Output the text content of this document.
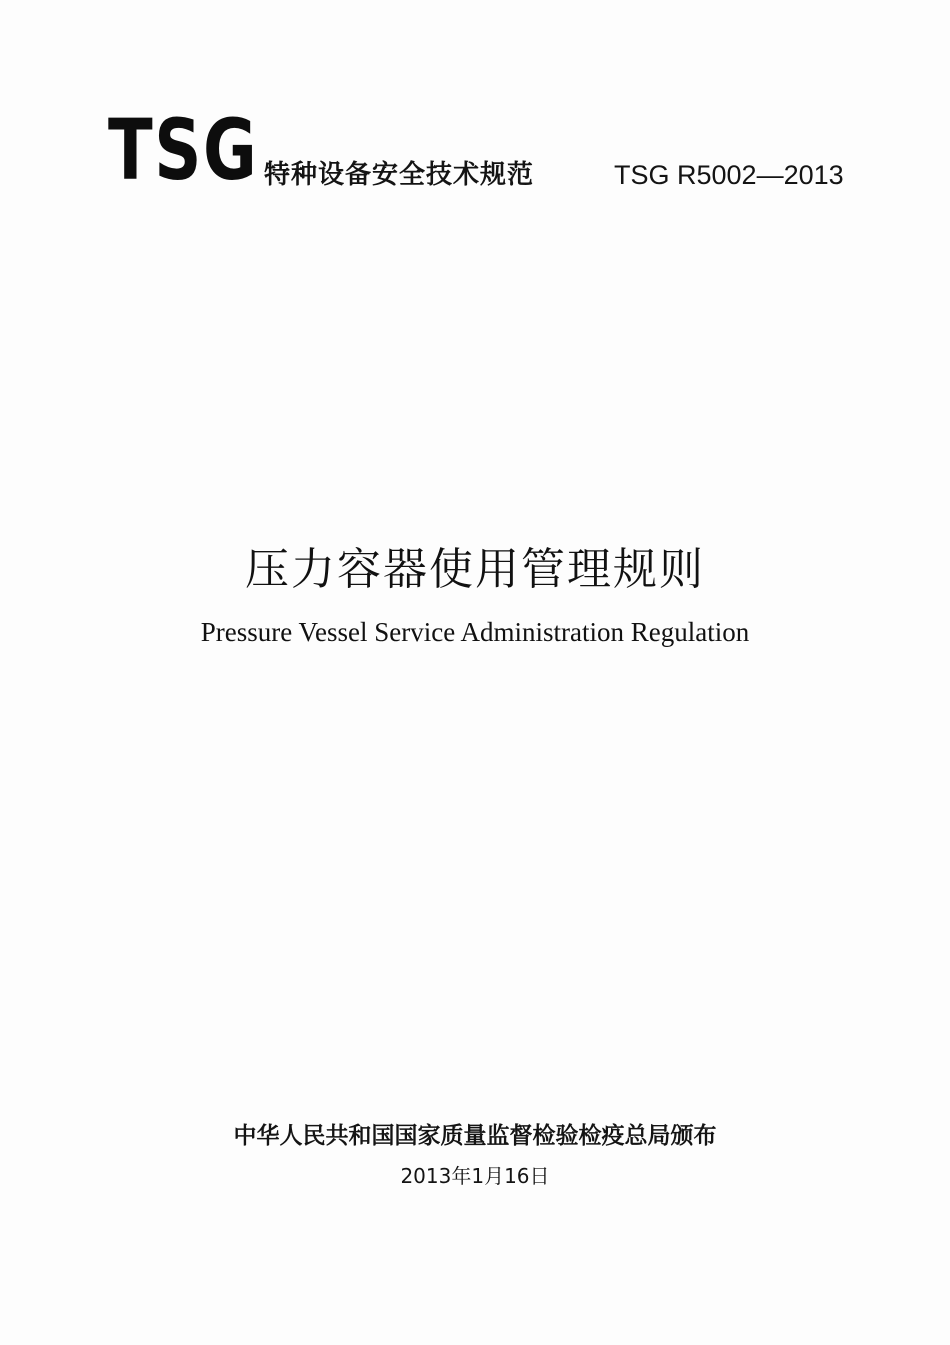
TSG 特种设备安全技术规范	TSG R5002—2013
压力容器使用管理规则
Pressure Vessel Service Administration Regulation
中华人民共和国国家质量监督检验检疫总局颁布
2013年1月16日
